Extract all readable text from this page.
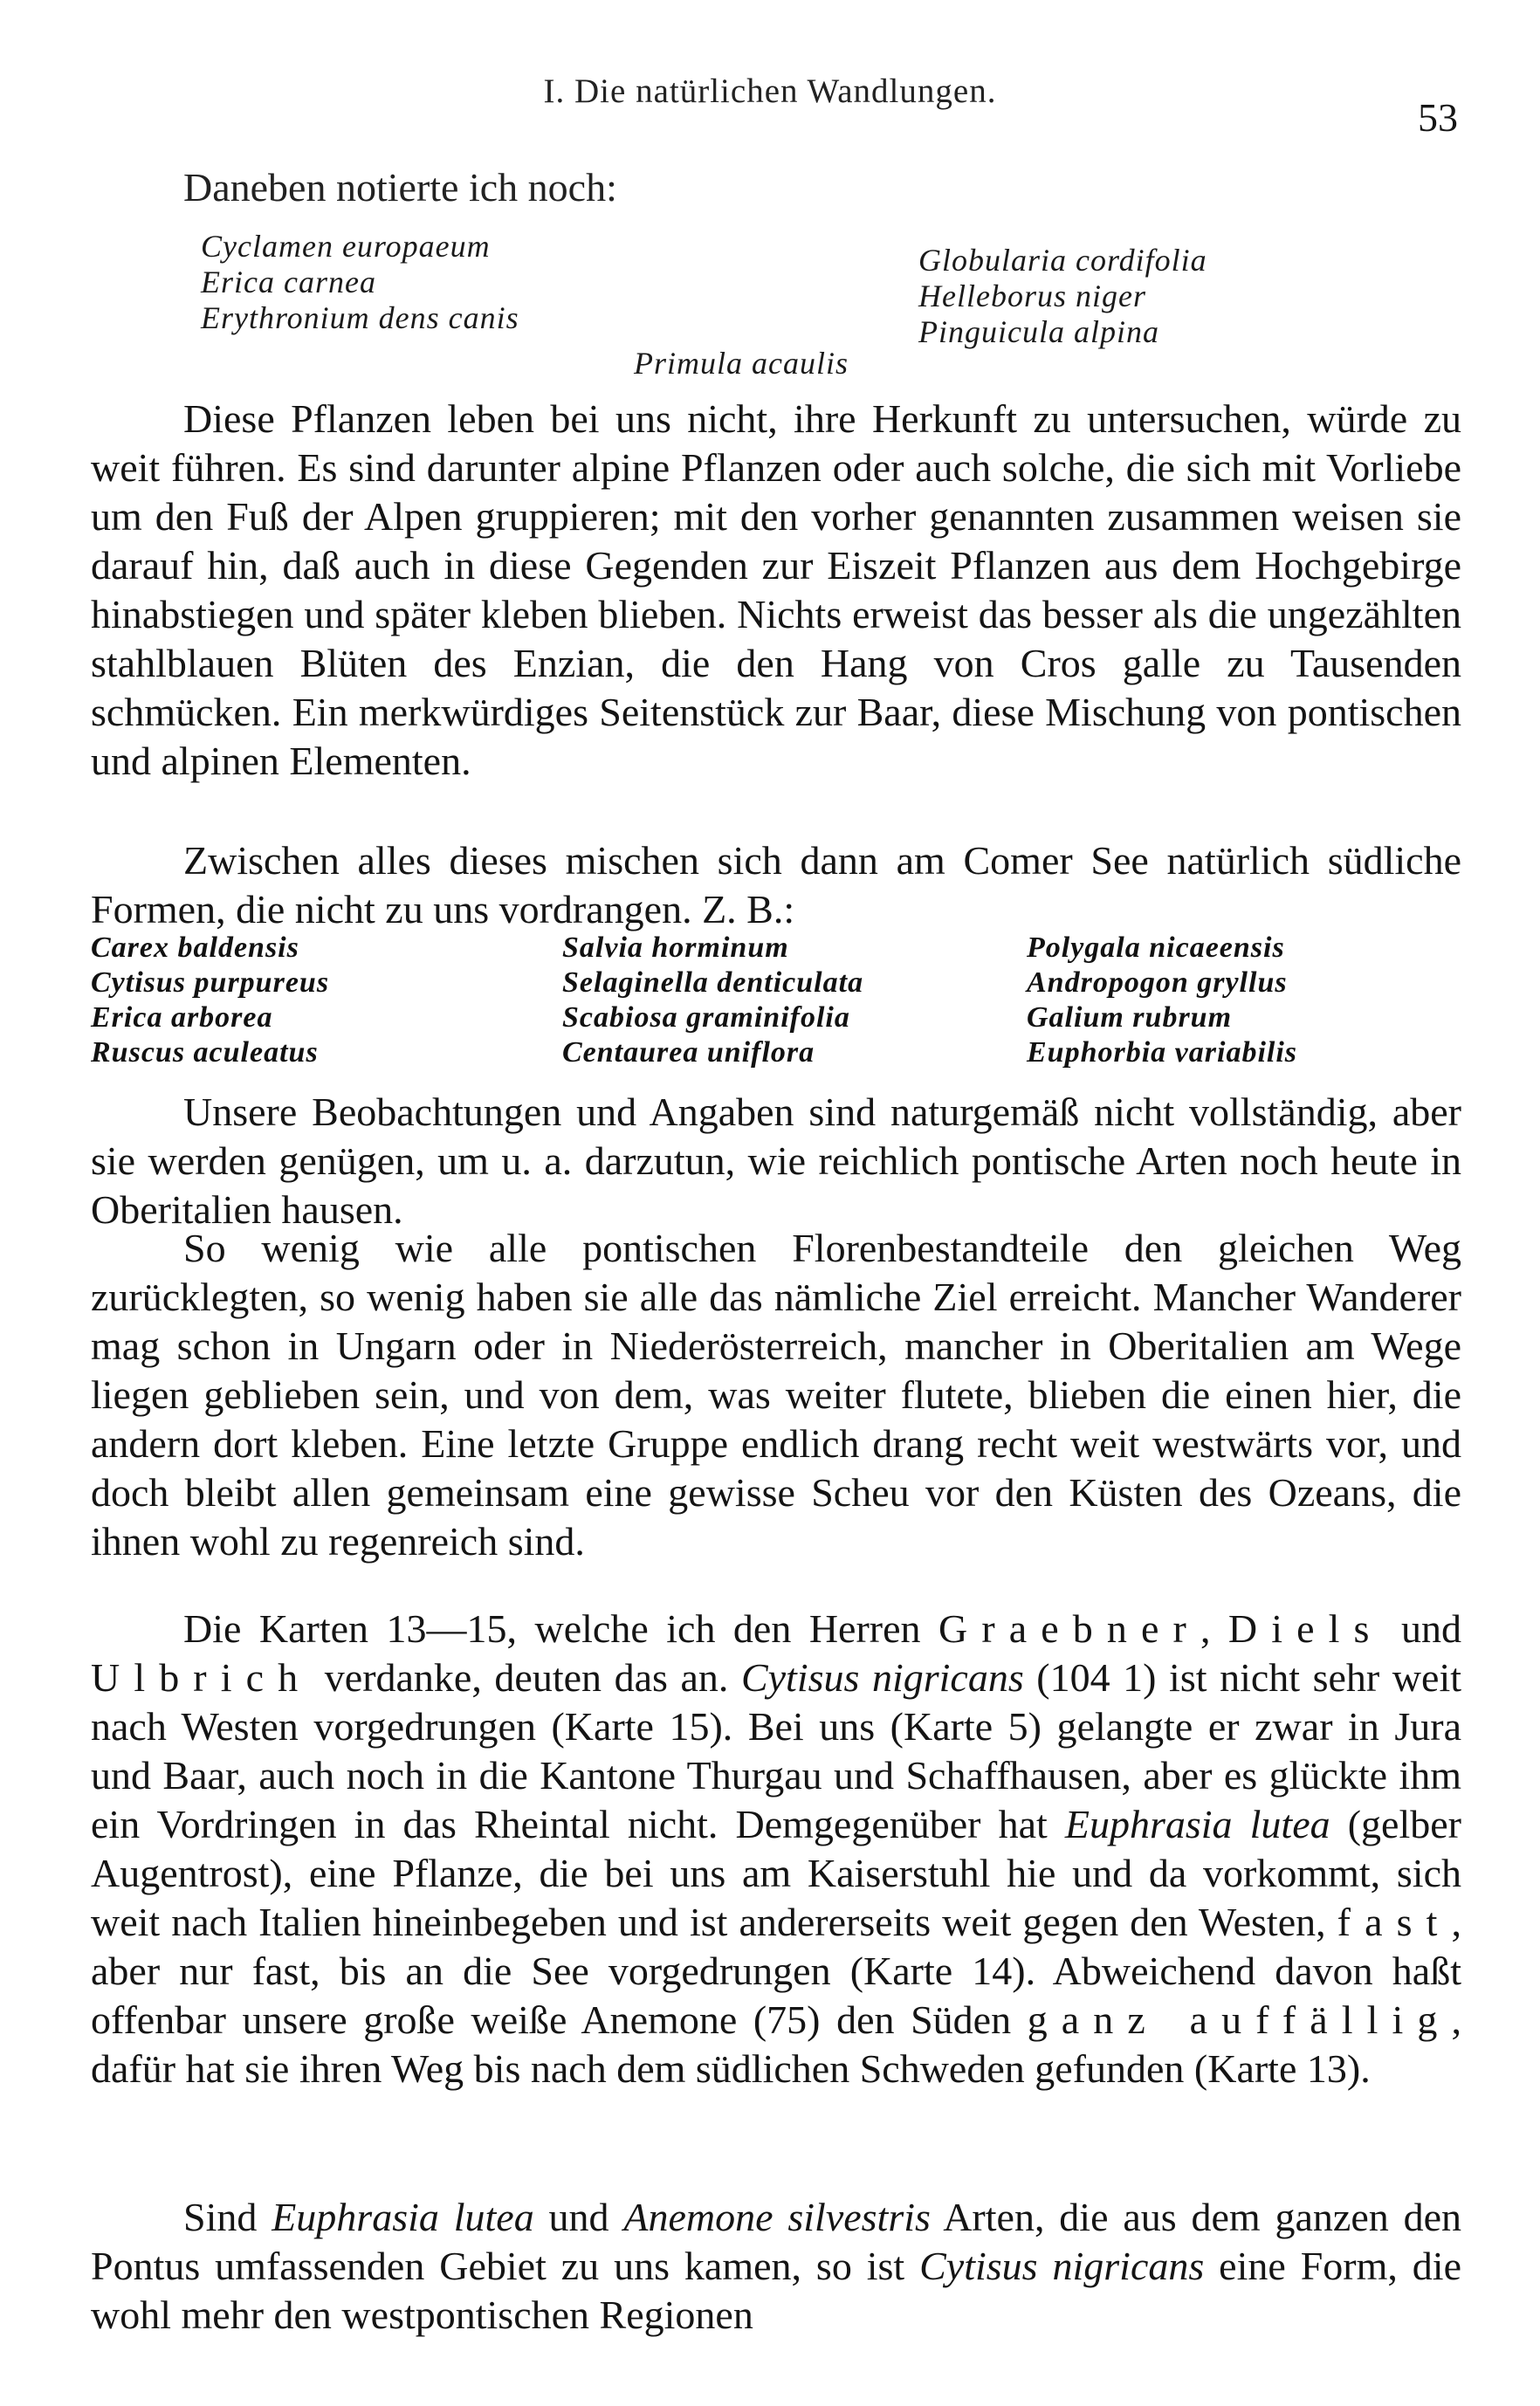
I. Die natürlichen Wandlungen.
53
Daneben notierte ich noch:
Cyclamen europaeum
Erica carnea
Erythronium dens canis
Globularia cordifolia
Helleborus niger
Pinguicula alpina
Primula acaulis

Diese Pflanzen leben bei uns nicht, ihre Herkunft zu untersuchen, würde zu weit führen. Es sind darunter alpine Pflanzen oder auch solche, die sich mit Vorliebe um den Fuß der Alpen gruppieren; mit den vorher genannten zusammen weisen sie darauf hin, daß auch in diese Gegenden zur Eiszeit Pflanzen aus dem Hochgebirge hinabstiegen und später kleben blieben. Nichts erweist das besser als die ungezählten stahlblauen Blüten des Enzian, die den Hang von Cros galle zu Tausenden schmücken. Ein merkwürdiges Seitenstück zur Baar, diese Mischung von pontischen und alpinen Elementen.

Zwischen alles dieses mischen sich dann am Comer See natürlich südliche Formen, die nicht zu uns vordrangen. Z. B.:

Carex baldensis
Cytisus purpureus
Erica arborea
Ruscus aculeatus
Salvia horminum
Selaginella denticulata
Scabiosa graminifolia
Centaurea uniflora
Polygala nicaeensis
Andropogon gryllus
Galium rubrum
Euphorbia variabilis

Unsere Beobachtungen und Angaben sind naturgemäß nicht vollständig, aber sie werden genügen, um u. a. darzutun, wie reichlich pontische Arten noch heute in Oberitalien hausen.

So wenig wie alle pontischen Florenbestandteile den gleichen Weg zurücklegten, so wenig haben sie alle das nämliche Ziel erreicht. Mancher Wanderer mag schon in Ungarn oder in Niederösterreich, mancher in Oberitalien am Wege liegen geblieben sein, und von dem, was weiter flutete, blieben die einen hier, die andern dort kleben. Eine letzte Gruppe endlich drang recht weit westwärts vor, und doch bleibt allen gemeinsam eine gewisse Scheu vor den Küsten des Ozeans, die ihnen wohl zu regenreich sind.

Die Karten 13—15, welche ich den Herren Graebner, Diels und Ulbrich verdanke, deuten das an. Cytisus nigricans (104 1) ist nicht sehr weit nach Westen vorgedrungen (Karte 15). Bei uns (Karte 5) gelangte er zwar in Jura und Baar, auch noch in die Kantone Thurgau und Schaffhausen, aber es glückte ihm ein Vordringen in das Rheintal nicht. Demgegenüber hat Euphrasia lutea (gelber Augentrost), eine Pflanze, die bei uns am Kaiserstuhl hie und da vorkommt, sich weit nach Italien hineinbegeben und ist andererseits weit gegen den Westen, fast, aber nur fast, bis an die See vorgedrungen (Karte 14). Abweichend davon haßt offenbar unsere große weiße Anemone (75) den Süden ganz auffällig, dafür hat sie ihren Weg bis nach dem südlichen Schweden gefunden (Karte 13).

Sind Euphrasia lutea und Anemone silvestris Arten, die aus dem ganzen den Pontus umfassenden Gebiet zu uns kamen, so ist Cytisus nigricans eine Form, die wohl mehr den westpontischen Regionen
